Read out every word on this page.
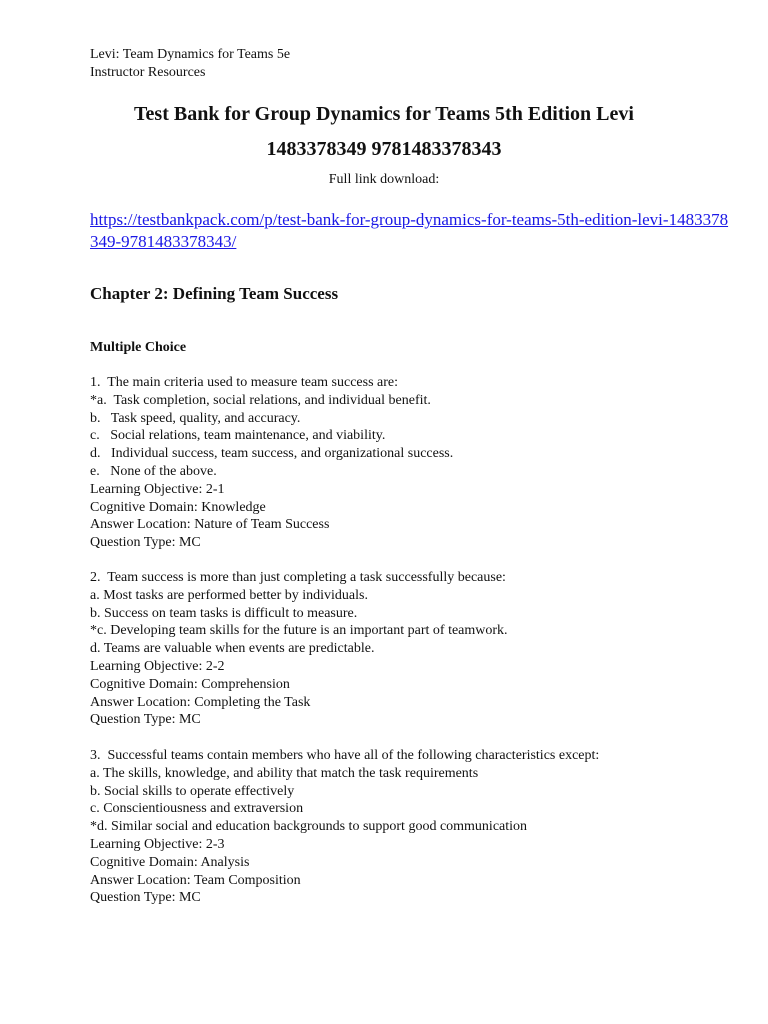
Levi: Team Dynamics for Teams 5e
Instructor Resources
Test Bank for Group Dynamics for Teams 5th Edition Levi
1483378349 9781483378343
Full link download:
https://testbankpack.com/p/test-bank-for-group-dynamics-for-teams-5th-edition-levi-1483378349-9781483378343/
Chapter 2: Defining Team Success
Multiple Choice

1.  The main criteria used to measure team success are:

*a.  Task completion, social relations, and individual benefit.

b.   Task speed, quality, and accuracy.

c.   Social relations, team maintenance, and viability.

d.   Individual success, team success, and organizational success.

e.   None of the above.

Learning Objective: 2-1

Cognitive Domain: Knowledge

Answer Location: Nature of Team Success

Question Type: MC

2.  Team success is more than just completing a task successfully because:

a. Most tasks are performed better by individuals.

b. Success on team tasks is difficult to measure.

*c. Developing team skills for the future is an important part of teamwork.

d. Teams are valuable when events are predictable.

Learning Objective: 2-2

Cognitive Domain: Comprehension

Answer Location: Completing the Task

Question Type: MC

3.  Successful teams contain members who have all of the following characteristics except:

a. The skills, knowledge, and ability that match the task requirements

b. Social skills to operate effectively

c. Conscientiousness and extraversion

*d. Similar social and education backgrounds to support good communication

Learning Objective: 2-3

Cognitive Domain: Analysis

Answer Location: Team Composition

Question Type: MC
